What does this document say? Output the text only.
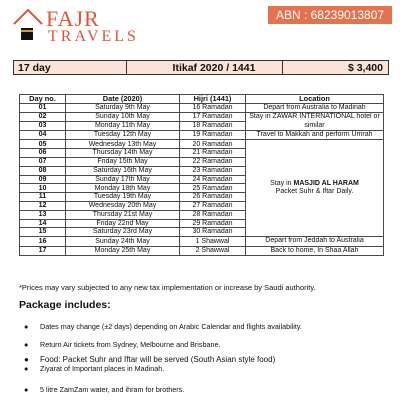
FAJR
TRAVELS
ABN : 68239013807
17 day	Itikaf 2020 / 1441	$ 3,400
Day no.	Date (2020)	Hijri (1441)	Location
01	Saturday 9th May	16 Ramadan	Depart from Australia to Madinah
02	Sunday 10th May	17 Ramadan	Stay in ZAWAR INTERNATIONAL hotel or similar
03	Monday 11th May	18 Ramadan	
04	Tuesday 12th May	19 Ramadan	Travel to Makkah and perform Umrah
05	Wednesday 13th May	20 Ramadan	Stay in MASJID AL HARAM
Packet Suhr & Iftar Daily.
06	Thursday 14th May	21 Ramadan	
07	Friday 15th May	22 Ramadan	
08	Saturday 16th May	23 Ramadan	
09	Sunday 17th May	24 Ramadan	
10	Monday 18th May	25 Ramadan	
11	Tuesday 19th May	26 Ramadan	
12	Wednesday 20th May	27 Ramadan	
13	Thursday 21st May	28 Ramadan	
14	Friday 22nd May	29 Ramadan	
15	Saturday 23rd May	30 Ramadan	
16	Sunday 24th May	1 Shawwal	Depart from Jeddah to Australia
17	Monday 25th May	2 Shawwal	Back to home, In Shaa Allah
*Prices may vary subjected to any new tax implementation or increase by Saudi authority.
Package includes:
● Dates may change (±2 days) depending on Arabic Calendar and flights availability.
● Return Air tickets from Sydney, Melbourne and Brisbane.
● Food: Packet Suhr and Iftar will be served (South Asian style food)
● Ziyarat of Important places in Madinah.
● 5 litre ZamZam water, and ihram for brothers.
